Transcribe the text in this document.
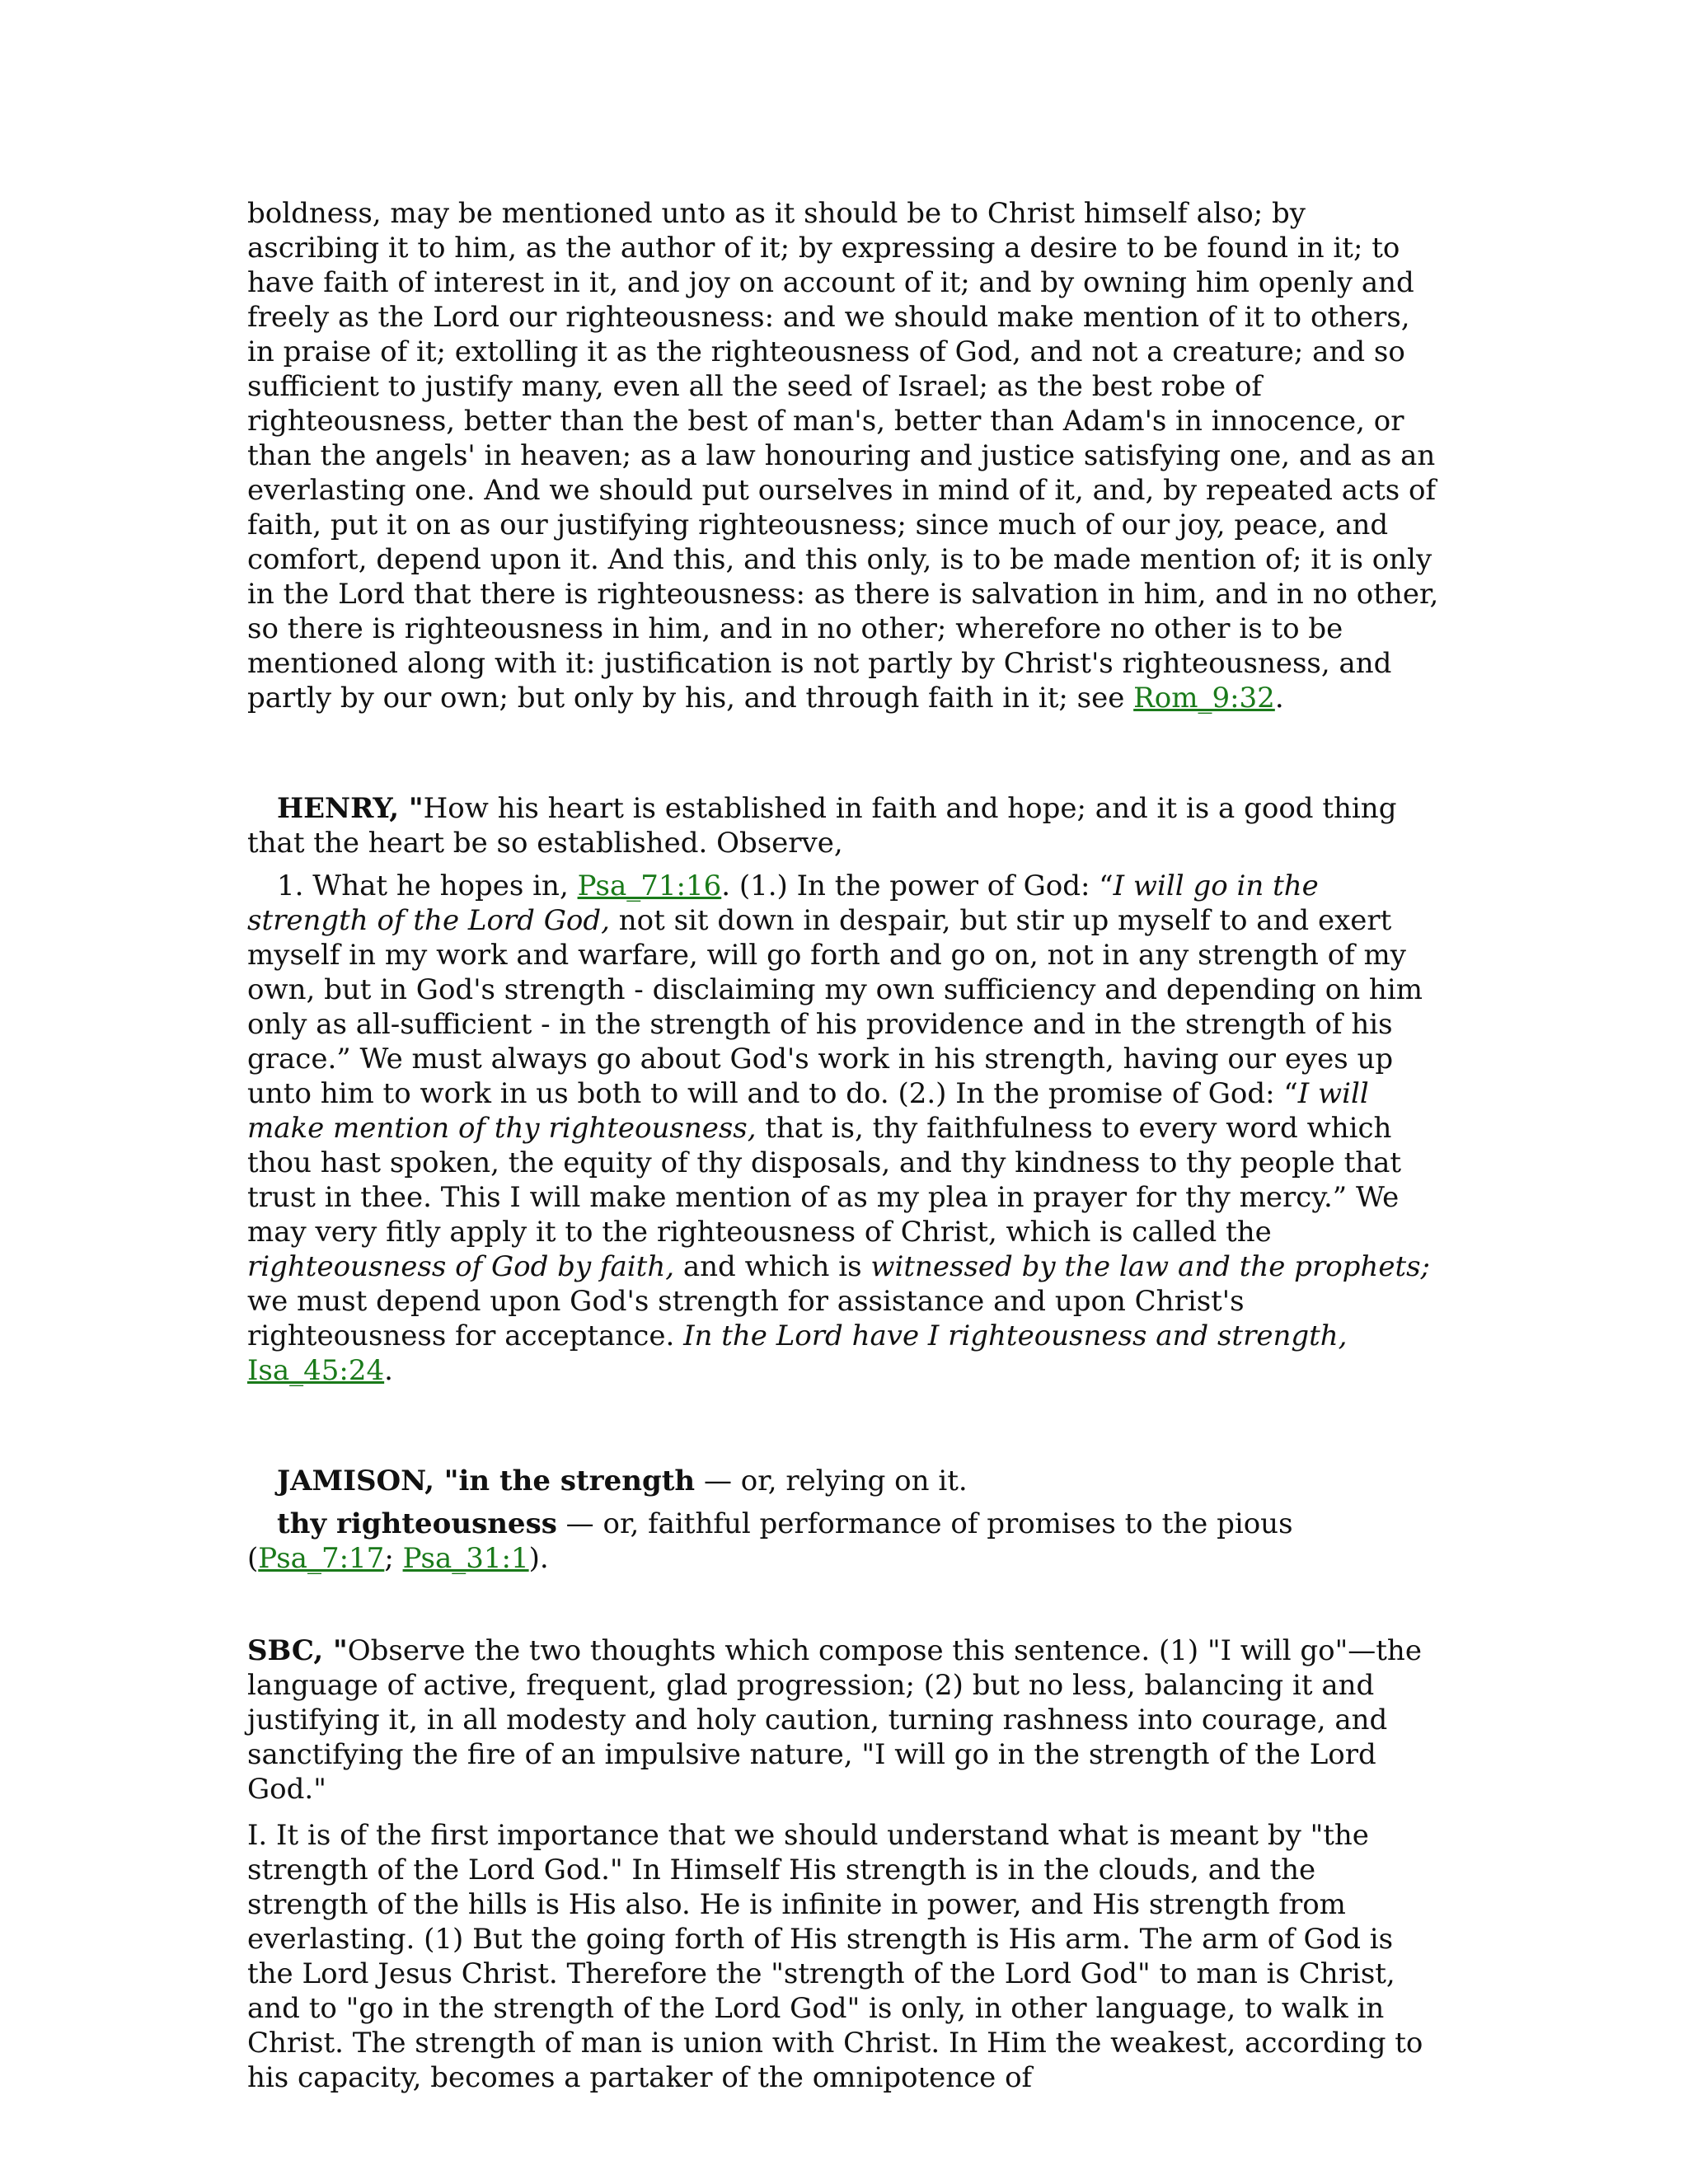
boldness, may be mentioned unto as it should be to Christ himself also; by ascribing it to him, as the author of it; by expressing a desire to be found in it; to have faith of interest in it, and joy on account of it; and by owning him openly and freely as the Lord our righteousness: and we should make mention of it to others, in praise of it; extolling it as the righteousness of God, and not a creature; and so sufficient to justify many, even all the seed of Israel; as the best robe of righteousness, better than the best of man's, better than Adam's in innocence, or than the angels' in heaven; as a law honouring and justice satisfying one, and as an everlasting one. And we should put ourselves in mind of it, and, by repeated acts of faith, put it on as our justifying righteousness; since much of our joy, peace, and comfort, depend upon it. And this, and this only, is to be made mention of; it is only in the Lord that there is righteousness: as there is salvation in him, and in no other, so there is righteousness in him, and in no other; wherefore no other is to be mentioned along with it: justification is not partly by Christ's righteousness, and partly by our own; but only by his, and through faith in it; see Rom_9:32.

HENRY, "How his heart is established in faith and hope; and it is a good thing that the heart be so established. Observe,

1. What he hopes in, Psa_71:16. (1.) In the power of God: “I will go in the strength of the Lord God, not sit down in despair, but stir up myself to and exert myself in my work and warfare, will go forth and go on, not in any strength of my own, but in God's strength - disclaiming my own sufficiency and depending on him only as all-sufficient - in the strength of his providence and in the strength of his grace.” We must always go about God's work in his strength, having our eyes up unto him to work in us both to will and to do. (2.) In the promise of God: “I will make mention of thy righteousness, that is, thy faithfulness to every word which thou hast spoken, the equity of thy disposals, and thy kindness to thy people that trust in thee. This I will make mention of as my plea in prayer for thy mercy.” We may very fitly apply it to the righteousness of Christ, which is called the righteousness of God by faith, and which is witnessed by the law and the prophets; we must depend upon God's strength for assistance and upon Christ's righteousness for acceptance. In the Lord have I righteousness and strength, Isa_45:24.

JAMISON, "in the strength — or, relying on it.

thy righteousness — or, faithful performance of promises to the pious (Psa_7:17; Psa_31:1).

SBC, "Observe the two thoughts which compose this sentence. (1) "I will go"—the language of active, frequent, glad progression; (2) but no less, balancing it and justifying it, in all modesty and holy caution, turning rashness into courage, and sanctifying the fire of an impulsive nature, "I will go in the strength of the Lord God."

I. It is of the first importance that we should understand what is meant by "the strength of the Lord God." In Himself His strength is in the clouds, and the strength of the hills is His also. He is infinite in power, and His strength from everlasting. (1) But the going forth of His strength is His arm. The arm of God is the Lord Jesus Christ. Therefore the "strength of the Lord God" to man is Christ, and to "go in the strength of the Lord God" is only, in other language, to walk in Christ. The strength of man is union with Christ. In Him the weakest, according to his capacity, becomes a partaker of the omnipotence of
